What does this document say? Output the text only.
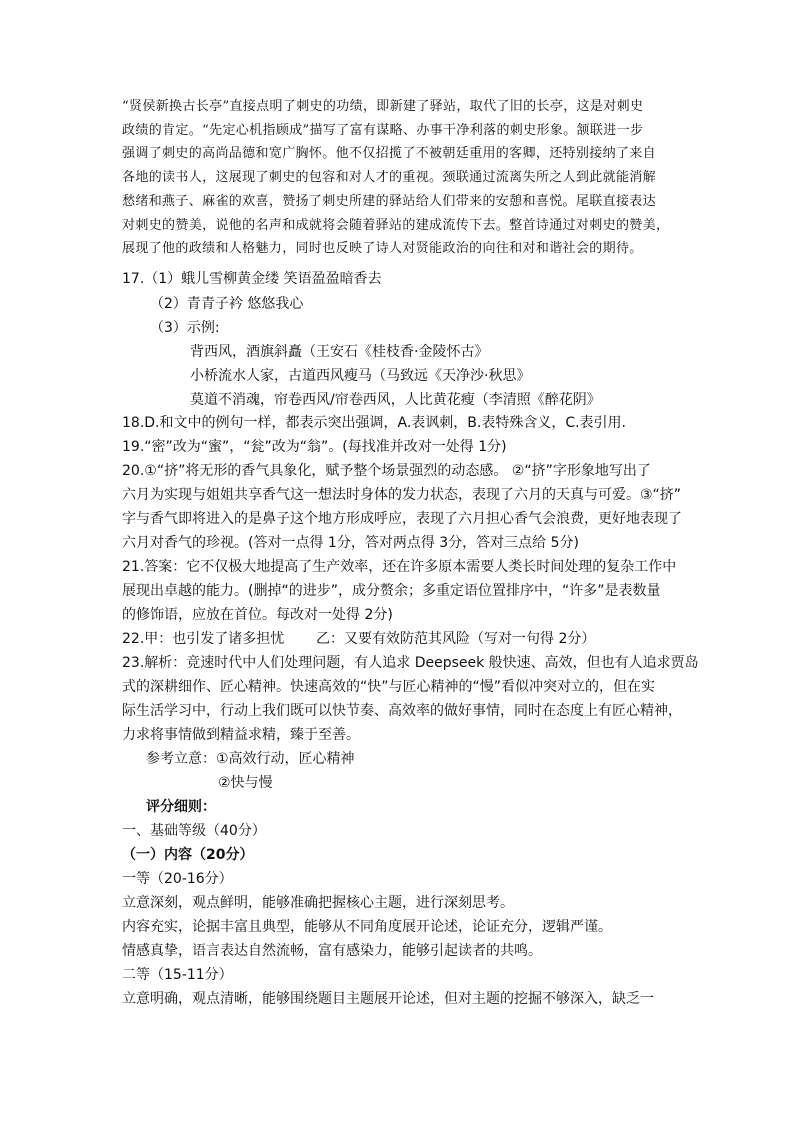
“贤侯新换古长亭”直接点明了刺史的功绩，即新建了驿站，取代了旧的长亭，这是对刺史
政绩的肯定。“先定心机指顾成”描写了富有谋略、办事干净利落的刺史形象。颔联进一步
强调了刺史的高尚品德和宽广胸怀。他不仅招揽了不被朝廷重用的客卿，还特别接纳了来自
各地的读书人，这展现了刺史的包容和对人才的重视。颈联通过流离失所之人到此就能消解
愁绪和燕子、麻雀的欢喜，赞扬了刺史所建的驿站给人们带来的安憩和喜悦。尾联直接表达
对刺史的赞美，说他的名声和成就将会随着驿站的建成流传下去。整首诗通过对刺史的赞美，
展现了他的政绩和人格魅力，同时也反映了诗人对贤能政治的向往和对和谐社会的期待。
17.（1）蛾儿雪柳黄金缕 笑语盈盈暗香去
（2）青青子衿 悠悠我心
（3）示例:
背西风，酒旗斜矗（王安石《桂枝香·金陵怀古》
小桥流水人家，古道西风瘦马（马致远《天净沙·秋思》
莫道不消魂，帘卷西风/帘卷西风，人比黄花瘦（李清照《醉花阴》
18.D.和文中的例句一样，都表示突出强调，A.表讽刺，B.表特殊含义，C.表引用.
19.“密”改为“蜜”，“瓮”改为“翁”。(每找准并改对一处得 1分)
20.①“挤”将无形的香气具象化，赋予整个场景强烈的动态感。 ②“挤”字形象地写出了
六月为实现与姐姐共享香气这一想法时身体的发力状态，表现了六月的天真与可爱。③“挤”
字与香气即将进入的是鼻子这个地方形成呼应，表现了六月担心香气会浪费，更好地表现了
六月对香气的珍视。(答对一点得 1分，答对两点得 3分，答对三点给 5分)
21.答案：它不仅极大地提高了生产效率，还在许多原本需要人类长时间处理的复杂工作中
展现出卓越的能力。(删掉“的进步”，成分赘余；多重定语位置排序中，“许多”是表数量
的修饰语，应放在首位。每改对一处得 2分)
22.甲：也引发了诸多担忧 乙：又要有效防范其风险（写对一句得 2分）
23.解析：竞速时代中人们处理问题，有人追求 Deepseek 般快速、高效，但也有人追求贾岛
式的深耕细作、匠心精神。快速高效的“快”与匠心精神的“慢”看似冲突对立的，但在实
际生活学习中，行动上我们既可以快节奏、高效率的做好事情，同时在态度上有匠心精神，
力求将事情做到精益求精，臻于至善。
参考立意：①高效行动，匠心精神
②快与慢
评分细则：
一、基础等级（40分）
（一）内容（20分）
一等（20-16分）
立意深刻，观点鲜明，能够准确把握核心主题，进行深刻思考。
内容充实，论据丰富且典型，能够从不同角度展开论述，论证充分，逻辑严谨。
情感真挚，语言表达自然流畅，富有感染力，能够引起读者的共鸣。
二等（15-11分）
立意明确，观点清晰，能够围绕题目主题展开论述，但对主题的挖掘不够深入，缺乏一
